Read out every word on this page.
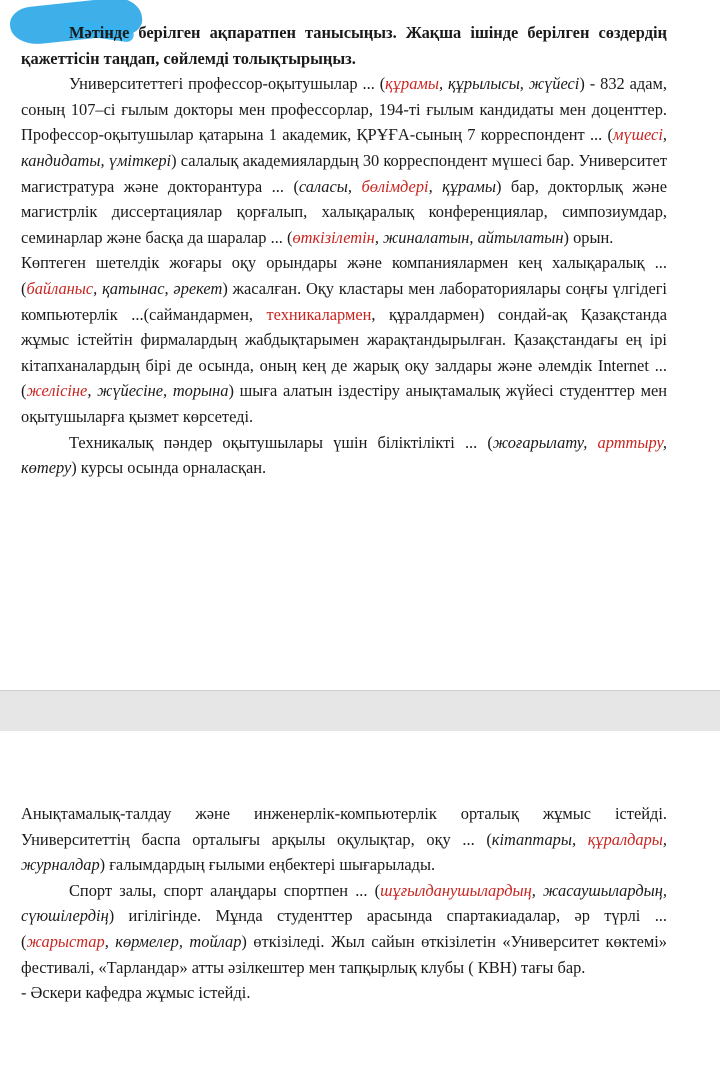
Мәтінде берілген ақпаратпен танысыңыз. Жақша ішінде берілген сөздердің қажеттісін таңдап, сөйлемді толықтырыңыз.

Университеттегі профессор-оқытушылар ... (құрамы, құрылысы, жүйесі) - 832 адам, соның 107–сі ғылым докторы мен профессорлар, 194-ті ғылым кандидаты мен доценттер. Профессор-оқытушылар қатарына 1 академик, ҚРҰҒА-сының 7 корреспондент ... (мүшесі, кандидаты, үміткері) салалық академиялардың 30 корреспондент мүшесі бар. Университет магистратура және докторантура ... (саласы, бөлімдері, құрамы) бар, докторлық және магистрлік диссертациялар қорғалып, халықаралық конференциялар, симпозиумдар, семинарлар және басқа да шаралар ... (өткізілетін, жиналатын, айтылатын) орын.

Көптеген шетелдік жоғары оқу орындары және компаниялармен кең халықаралық ... (байланыс, қатынас, әрекет) жасалған. Оқу кластары мен лабораториялары соңғы үлгідегі компьютерлік ...(саймандармен, техникалармен, құралдармен) сондай-ақ Қазақстанда жұмыс істейтін фирмалардың жабдықтарымен жарақтандырылған. Қазақстандағы ең ірі кітапханалардың бірі де осында, оның кең де жарық оқу залдары және әлемдік Internet ... (желісіне, жүйесіне, торына) шыға алатын іздестіру анықтамалық жүйесі студенттер мен оқытушыларға қызмет көрсетеді.

Техникалық пәндер оқытушылары үшін біліктілікті ... (жоғарылату, арттыру, көтеру) курсы осында орналасқан.

Анықтамалық-талдау және инженерлік-компьютерлік орталық жұмыс істейді. Университеттің баспа орталығы арқылы оқулықтар, оқу ... (кітаптары, құралдары, журналдар) ғалымдардың ғылыми еңбектері шығарылады.

Спорт залы, спорт алаңдары спортпен ... (шұғылданушылардың, жасаушылардың, сүюшілердің) игілігінде. Мұнда студенттер арасында спартакиадалар, әр түрлі ... (жарыстар, көрмелер, тойлар) өткізіледі. Жыл сайын өткізілетін «Университет көктемі» фестивалі, «Тарландар» атты әзілкештер мен тапқырлық клубы ( КВН) тағы бар.

- Әскери кафедра жұмыс істейді.
